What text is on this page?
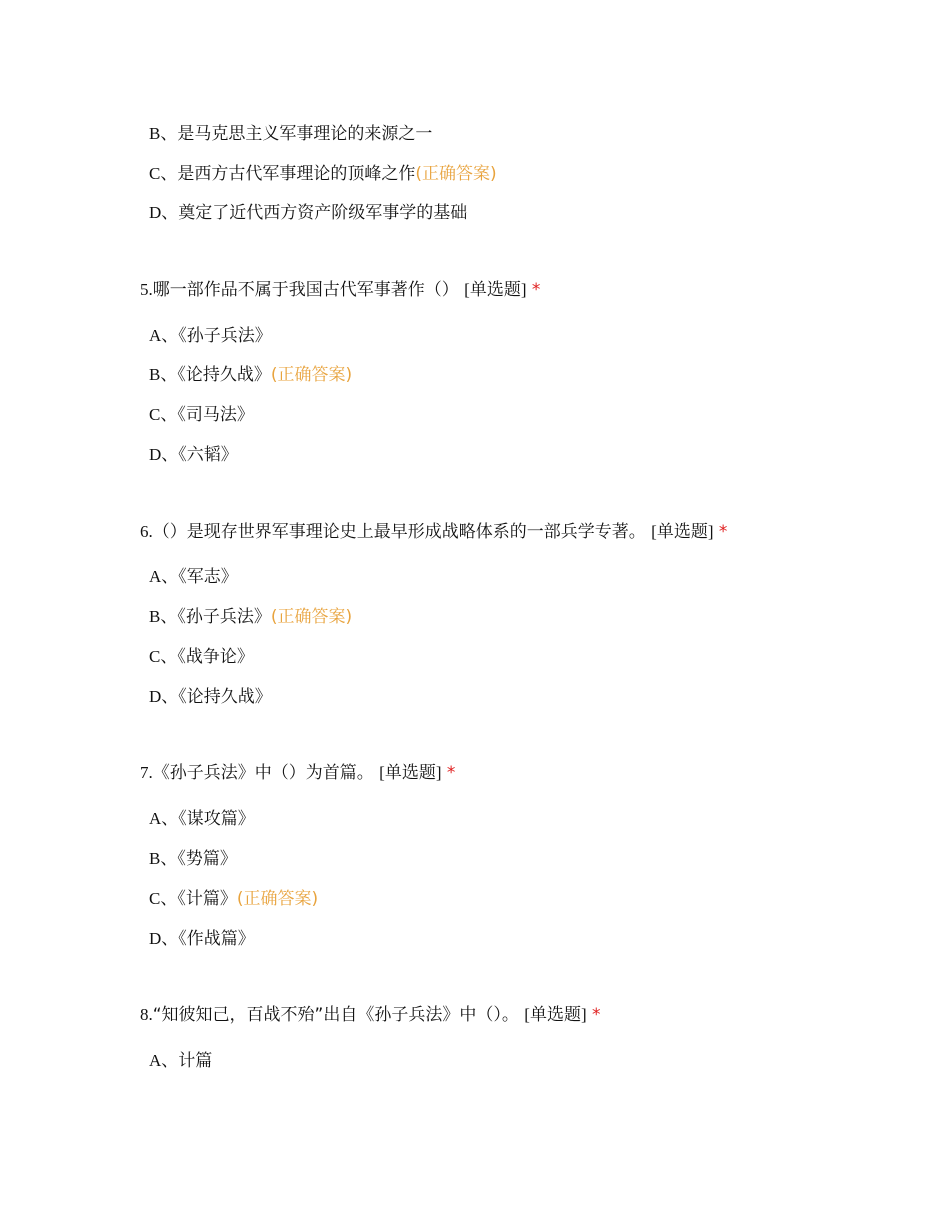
B、是马克思主义军事理论的来源之一
C、是西方古代军事理论的顶峰之作(正确答案)
D、奠定了近代西方资产阶级军事学的基础
5.哪一部作品不属于我国古代军事著作（） [单选题] *
A、《孙子兵法》
B、《论持久战》(正确答案)
C、《司马法》
D、《六韬》
6.（）是现存世界军事理论史上最早形成战略体系的一部兵学专著。 [单选题] *
A、《军志》
B、《孙子兵法》(正确答案)
C、《战争论》
D、《论持久战》
7.《孙子兵法》中（）为首篇。 [单选题] *
A、《谋攻篇》
B、《势篇》
C、《计篇》(正确答案)
D、《作战篇》
8.“知彼知己，百战不殆”出自《孙子兵法》中（）。 [单选题] *
A、计篇
